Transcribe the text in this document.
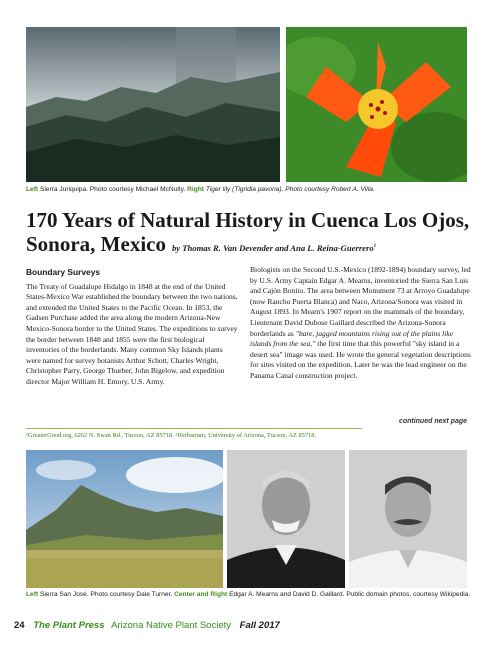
Left Sierra Juriquipa. Photo courtesy Michael McNulty. Right Tiger lily (Tigridia pavona). Photo courtesy Robert A. Villa.
170 Years of Natural History in Cuenca Los Ojos,
Sonora, Mexico by Thomas R. Van Devender and Ana L. Reina-Guerrero$^1$
Boundary Surveys

The Treaty of Guadalupe Hidalgo in 1848 at the end of the United States-Mexico War established the boundary between the two nations, and extended the United States to the Pacific Ocean. In 1853, the Gadsen Purchase added the area along the modern Arizona-New Mexico-Sonora border to the United States. The expeditions to survey the border between 1848 and 1855 were the first biological inventories of the borderlands. Many common Sky Islands plants were named for survey botanists Arthur Schott, Charles Wright, Christopher Parry, George Thurber, John Bigelow, and expedition director Major William H. Emory, U.S. Army.

Biologists on the Second U.S.-Mexico (1892-1894) boundary survey, led by U.S. Army Captain Edgar A. Mearns, inventoried the Sierra San Luis and Cajón Bonito. The area between Monument 73 at Arroyo Guadalupe (now Rancho Puerta Blanca) and Naco, Arizona/Sonora was visited in August 1893. In Mearn's 1907 report on the mammals of the boundary, Lieutenant David Dubose Gaillard described the Arizona-Sonora borderlands as "bare, jagged mountains rising out of the plains like islands from the sea," the first time that this powerful "sky island in a desert sea" image was used. He wrote the general vegetation descriptions for sites visited on the expedition. Later he was the lead engineer on the Panama Canal construction project.

continued next page
¹GreaterGood.org, 6262 N. Swan Rd., Tucson, AZ 85718. ²Herbarium, University of Arizona, Tucson, AZ 85718.
Left Sierra San José. Photo courtesy Dale Turner. Center and Right Edgar A. Mearns and David D. Gaillard. Public domain photos, courtesy Wikipedia.
24 The Plant Press Arizona Native Plant Society Fall 2017
